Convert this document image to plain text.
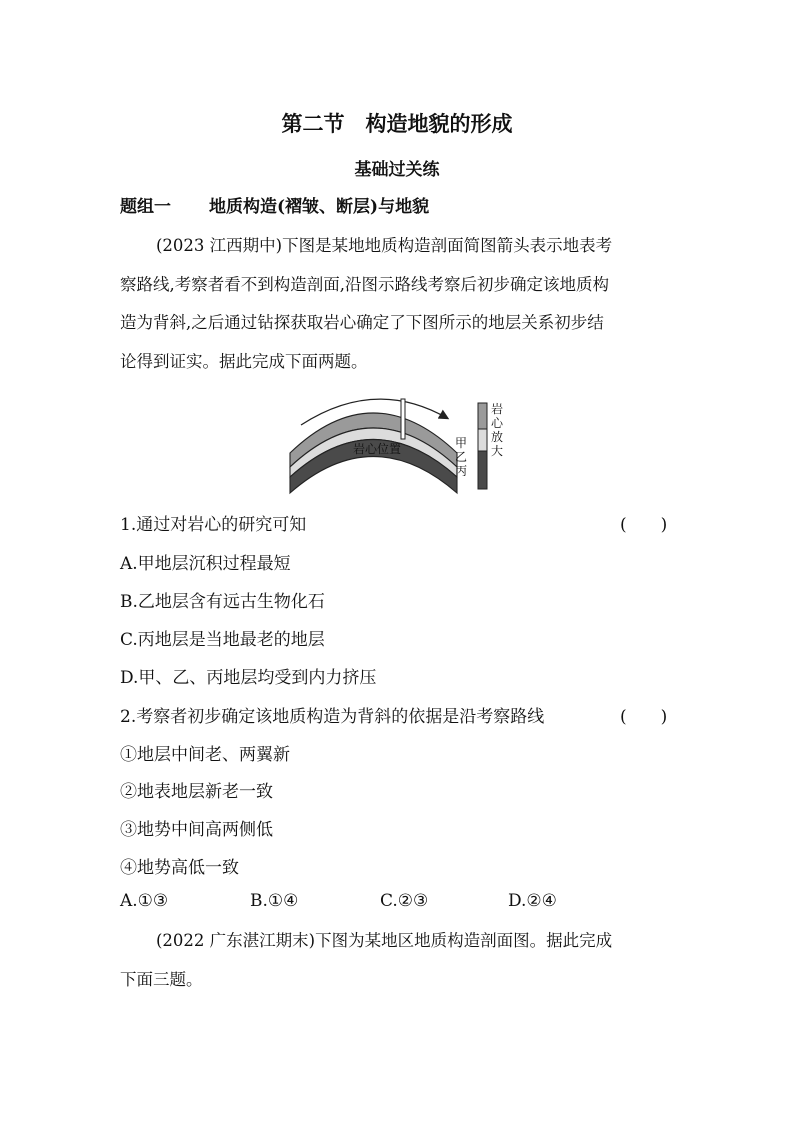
第二节　构造地貌的形成
基础过关练
题组一 地质构造(褶皱、断层)与地貌

(2023 江西期中)下图是某地地质构造剖面简图箭头表示地表考

察路线,考察者看不到构造剖面,沿图示路线考察后初步确定该地质构

造为背斜,之后通过钻探获取岩心确定了下图所示的地层关系初步结

论得到证实。据此完成下面两题。

岩心位置	甲
乙
丙
岩心放大
1.通过对岩心的研究可知	(　　)
A.甲地层沉积过程最短
B.乙地层含有远古生物化石
C.丙地层是当地最老的地层
D.甲、乙、丙地层均受到内力挤压
2.考察者初步确定该地质构造为背斜的依据是沿考察路线	(　　)
①地层中间老、两翼新
②地表地层新老一致
③地势中间高两侧低
④地势高低一致
A.①③	B.①④	C.②③	D.②④

(2022 广东湛江期末)下图为某地区地质构造剖面图。据此完成

下面三题。
